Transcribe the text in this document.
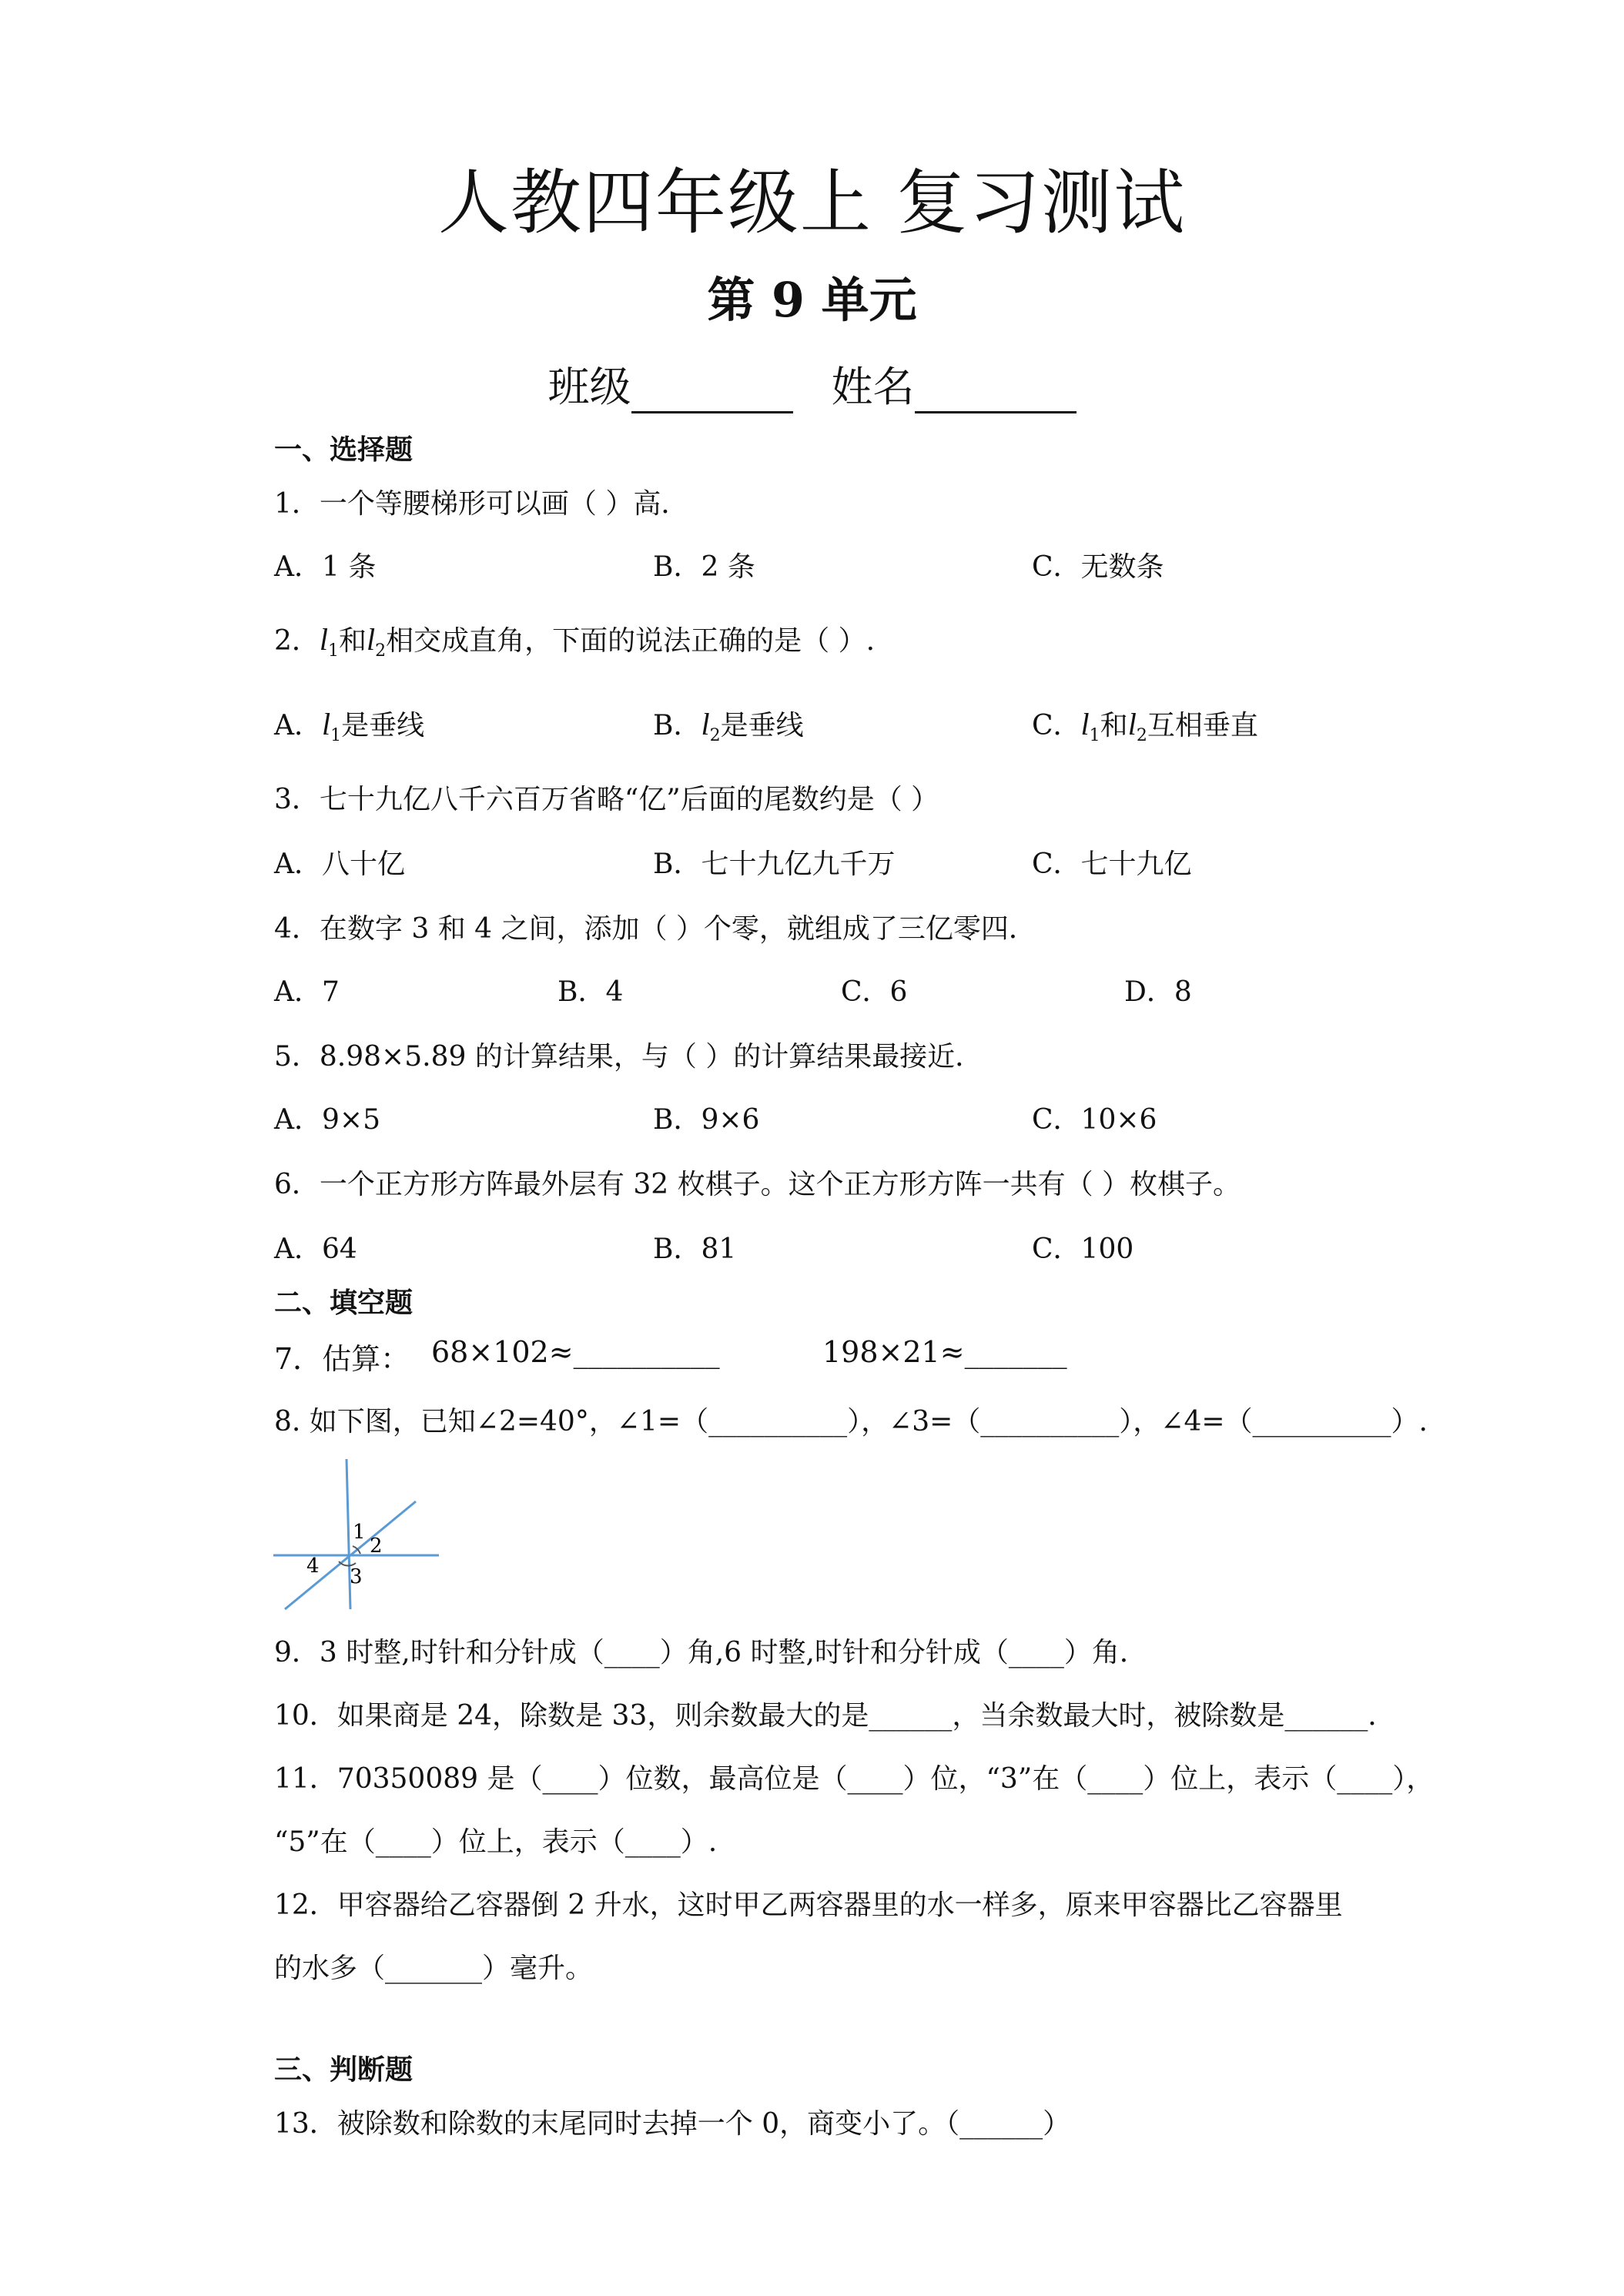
人教四年级上 复习测试
第 9 单元
班级	姓名
一、选择题
1．一个等腰梯形可以画（ ）高．
A．1 条	B．2 条	C．无数条
2．$l_1$和$l_2$相交成直角，下面的说法正确的是（ ）.
A．$l_1$是垂线	B．$l_2$是垂线	C．$l_1$和$l_2$互相垂直
3．七十九亿八千六百万省略“亿”后面的尾数约是（ ）
A．八十亿	B．七十九亿九千万	C．七十九亿
4．在数字 3 和 4 之间，添加（ ）个零，就组成了三亿零四．
A．7	B．4	C．6	D．8
5．8.98×5.89 的计算结果，与（ ）的计算结果最接近．
A．9×5	B．9×6	C．10×6
6．一个正方形方阵最外层有 32 枚棋子。这个正方形方阵一共有（ ）枚棋子。
A．64	B．81	C．100
二、填空题
7．估算： 68×102≈__________	198×21≈_______
8. 如下图，已知∠2=40°，∠1=（__________），∠3=（__________），∠4=（__________）.
1
2
3
4
9．3 时整,时针和分针成（____）角,6 时整,时针和分针成（____）角．
10．如果商是 24，除数是 33，则余数最大的是______，当余数最大时，被除数是______．
11．70350089 是（____）位数，最高位是（____）位，“3”在（____）位上，表示（____），
“5”在（____）位上，表示（____）.
12．甲容器给乙容器倒 2 升水，这时甲乙两容器里的水一样多，原来甲容器比乙容器里
的水多（_______）毫升。
三、判断题
13．被除数和除数的末尾同时去掉一个 0，商变小了。（______）
